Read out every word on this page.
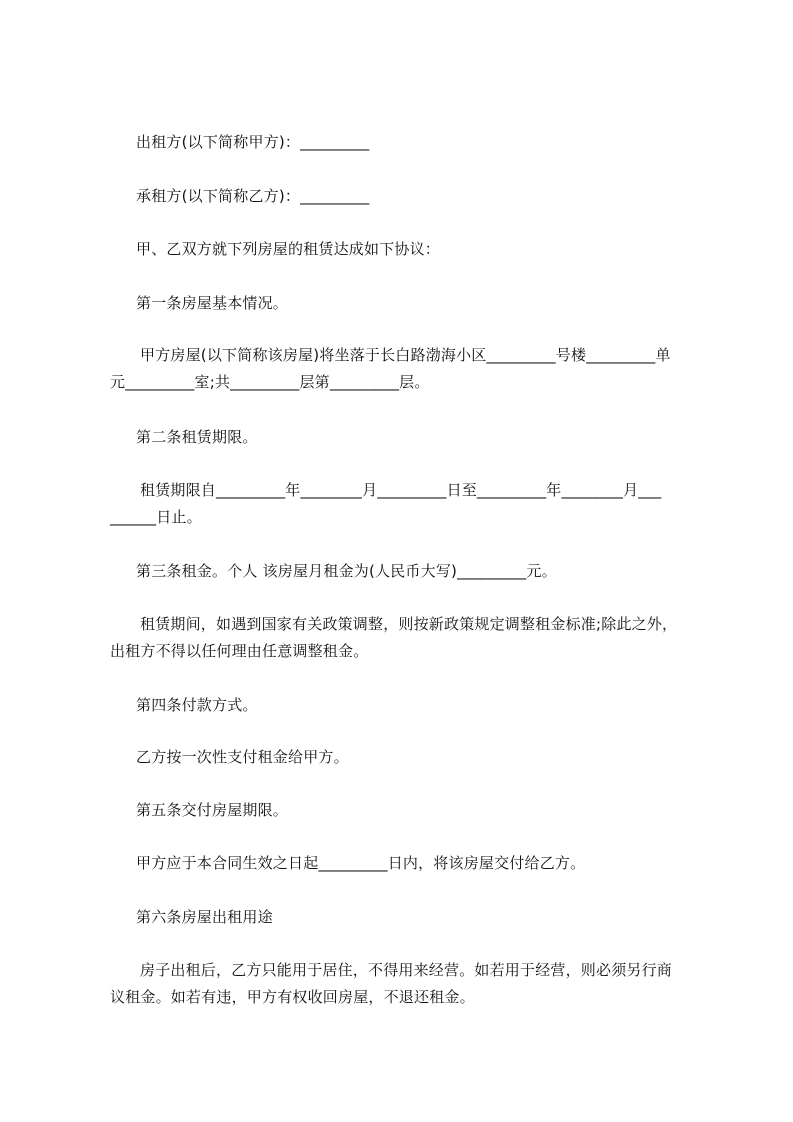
出租方(以下简称甲方)：_________
承租方(以下简称乙方)：_________
甲、乙双方就下列房屋的租赁达成如下协议：
第一条房屋基本情况。
甲方房屋(以下简称该房屋)将坐落于长白路渤海小区_________号楼_________单
元_________室;共_________层第_________层。
第二条租赁期限。
租赁期限自_________年________月_________日至_________年________月___
______日止。
第三条租金。个人 该房屋月租金为(人民币大写)_________元。
租赁期间，如遇到国家有关政策调整，则按新政策规定调整租金标准;除此之外，
出租方不得以任何理由任意调整租金。
第四条付款方式。
乙方按一次性支付租金给甲方。
第五条交付房屋期限。
甲方应于本合同生效之日起_________日内，将该房屋交付给乙方。
第六条房屋出租用途
房子出租后，乙方只能用于居住，不得用来经营。如若用于经营，则必须另行商
议租金。如若有违，甲方有权收回房屋，不退还租金。
